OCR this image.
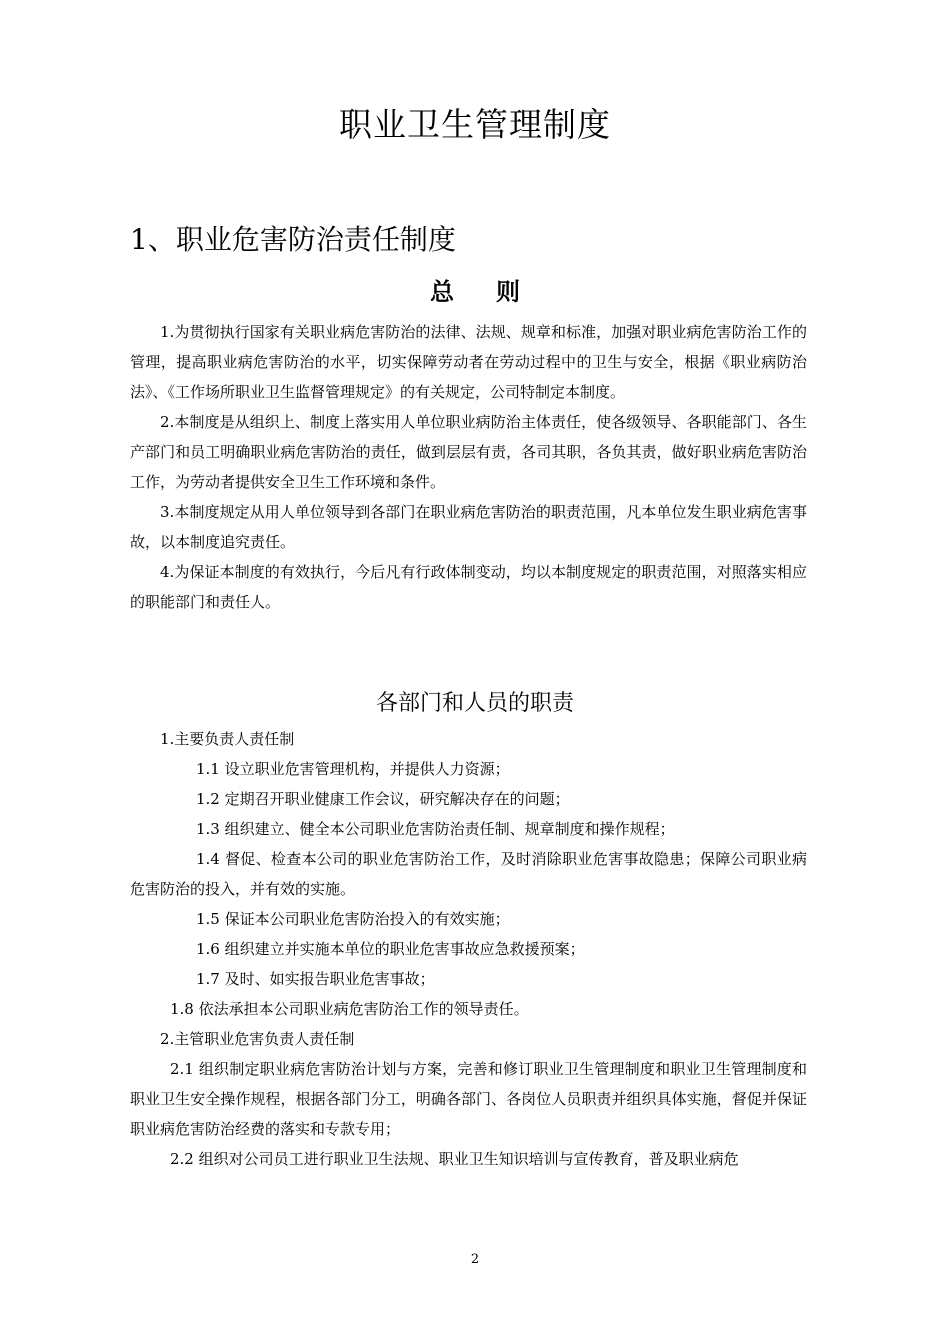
职业卫生管理制度
1、职业危害防治责任制度
总 则

1.为贯彻执行国家有关职业病危害防治的法律、法规、规章和标准，加强对职业病危害防治工作的管理，提高职业病危害防治的水平，切实保障劳动者在劳动过程中的卫生与安全，根据《职业病防治法》、《工作场所职业卫生监督管理规定》的有关规定，公司特制定本制度。

2.本制度是从组织上、制度上落实用人单位职业病防治主体责任，使各级领导、各职能部门、各生产部门和员工明确职业病危害防治的责任，做到层层有责，各司其职，各负其责，做好职业病危害防治工作，为劳动者提供安全卫生工作环境和条件。

3.本制度规定从用人单位领导到各部门在职业病危害防治的职责范围，凡本单位发生职业病危害事故，以本制度追究责任。

4.为保证本制度的有效执行，今后凡有行政体制变动，均以本制度规定的职责范围，对照落实相应的职能部门和责任人。

各部门和人员的职责

1.主要负责人责任制

1.1 设立职业危害管理机构，并提供人力资源；

1.2 定期召开职业健康工作会议，研究解决存在的问题；

1.3 组织建立、健全本公司职业危害防治责任制、规章制度和操作规程；

1.4 督促、检查本公司的职业危害防治工作，及时消除职业危害事故隐患；保障公司职业病危害防治的投入，并有效的实施。

1.5 保证本公司职业危害防治投入的有效实施；

1.6 组织建立并实施本单位的职业危害事故应急救援预案；

1.7 及时、如实报告职业危害事故；

1.8 依法承担本公司职业病危害防治工作的领导责任。

2.主管职业危害负责人责任制

2.1 组织制定职业病危害防治计划与方案，完善和修订职业卫生管理制度和职业卫生管理制度和职业卫生安全操作规程，根据各部门分工，明确各部门、各岗位人员职责并组织具体实施，督促并保证职业病危害防治经费的落实和专款专用；

2.2 组织对公司员工进行职业卫生法规、职业卫生知识培训与宣传教育，普及职业病危

2
